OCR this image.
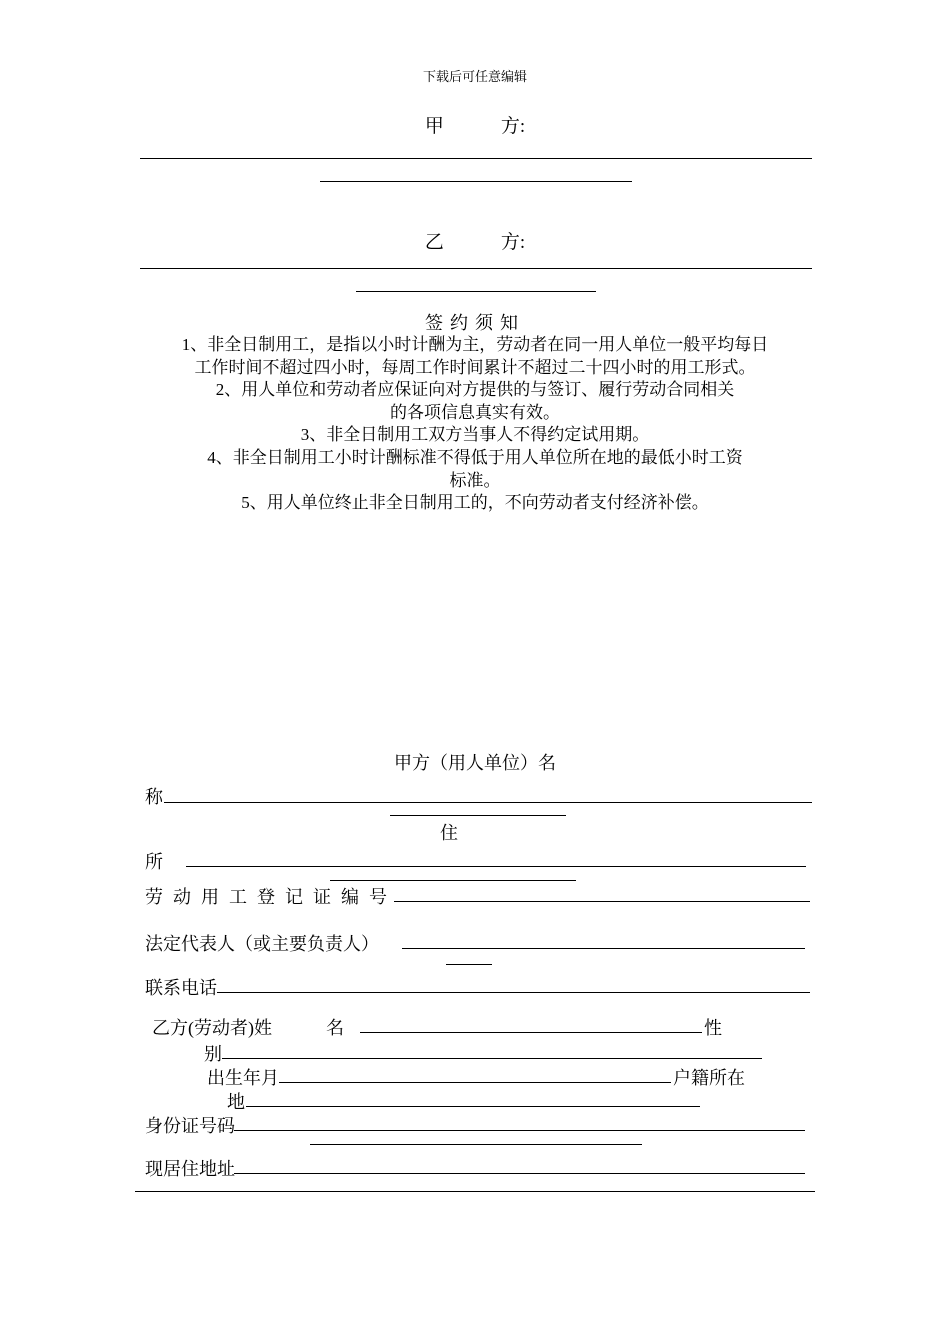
下载后可任意编辑
甲　　　方:
乙　　　方:
签约须知
1、非全日制用工，是指以小时计酬为主，劳动者在同一用人单位一般平均每日
工作时间不超过四小时，每周工作时间累计不超过二十四小时的用工形式。
2、用人单位和劳动者应保证向对方提供的与签订、履行劳动合同相关
的各项信息真实有效。
3、非全日制用工双方当事人不得约定试用期。
4、非全日制用工小时计酬标准不得低于用人单位所在地的最低小时工资
标准。
5、用人单位终止非全日制用工的，不向劳动者支付经济补偿。
甲方（用人单位）名
称
住
所
劳动用工登记证编号
法定代表人（或主要负责人）
联系电话
乙方(劳动者)姓　　　名	性
别
出生年月	户籍所在
地
身份证号码
现居住地址
